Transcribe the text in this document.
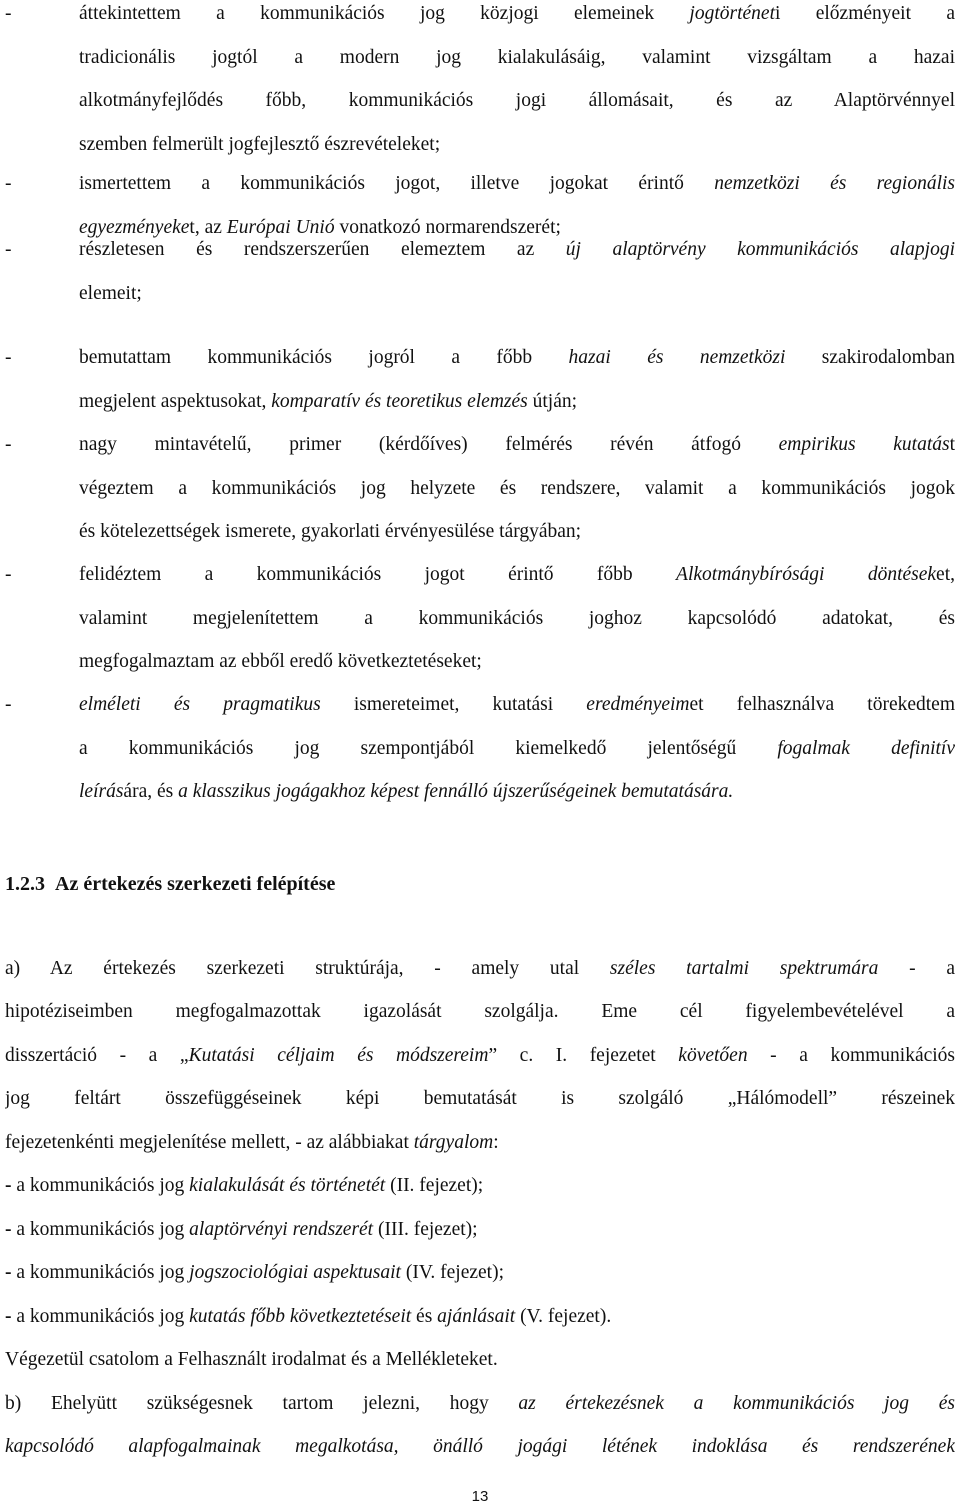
-	áttekintettem a kommunikációs jog közjogi elemeinek jogtörténeti előzményeit a
tradicionális jogtól a modern jog kialakulásáig, valamint vizsgáltam a hazai
alkotmányfejlődés főbb, kommunikációs jogi állomásait, és az Alaptörvénnyel
szemben felmerült jogfejlesztő észrevételeket;
-	ismertettem a kommunikációs jogot, illetve jogokat érintő nemzetközi és regionális
egyezményeket, az Európai Unió vonatkozó normarendszerét;
-	részletesen és rendszerszerűen elemeztem az új alaptörvény kommunikációs alapjogi
elemeit;
-	bemutattam kommunikációs jogról a főbb hazai és nemzetközi szakirodalomban
megjelent aspektusokat, komparatív és teoretikus elemzés útján;
-	nagy mintavételű, primer (kérdőíves) felmérés révén átfogó empirikus kutatást
végeztem a kommunikációs jog helyzete és rendszere, valamit a kommunikációs jogok
és kötelezettségek ismerete, gyakorlati érvényesülése tárgyában;
-	felidéztem a kommunikációs jogot érintő főbb Alkotmánybírósági döntéseket,
valamint megjelenítettem a kommunikációs joghoz kapcsolódó adatokat, és
megfogalmaztam az ebből eredő következtetéseket;
-	elméleti és pragmatikus ismereteimet, kutatási eredményeimet felhasználva törekedtem
a kommunikációs jog szempontjából kiemelkedő jelentőségű fogalmak definitív
leírására, és a klasszikus jogágakhoz képest fennálló újszerűségeinek bemutatására.
1.2.3 Az értekezés szerkezeti felépítése
a) Az értekezés szerkezeti struktúrája, - amely utal széles tartalmi spektrumára - a
hipotéziseimben megfogalmazottak igazolását szolgálja. Eme cél figyelembevételével a
disszertáció - a „Kutatási céljaim és módszereim” c. I. fejezetet követően - a kommunikációs
jog feltárt összefüggéseinek képi bemutatását is szolgáló „Hálómodell” részeinek
fejezetenkénti megjelenítése mellett, - az alábbiakat tárgyalom:
- a kommunikációs jog kialakulását és történetét (II. fejezet);
- a kommunikációs jog alaptörvényi rendszerét (III. fejezet);
- a kommunikációs jog jogszociológiai aspektusait (IV. fejezet);
- a kommunikációs jog kutatás főbb következtetéseit és ajánlásait (V. fejezet).
Végezetül csatolom a Felhasznált irodalmat és a Mellékleteket.
b) Ehelyütt szükségesnek tartom jelezni, hogy az értekezésnek a kommunikációs jog és
kapcsolódó alapfogalmainak megalkotása, önálló jogági létének indoklása és rendszerének
13
